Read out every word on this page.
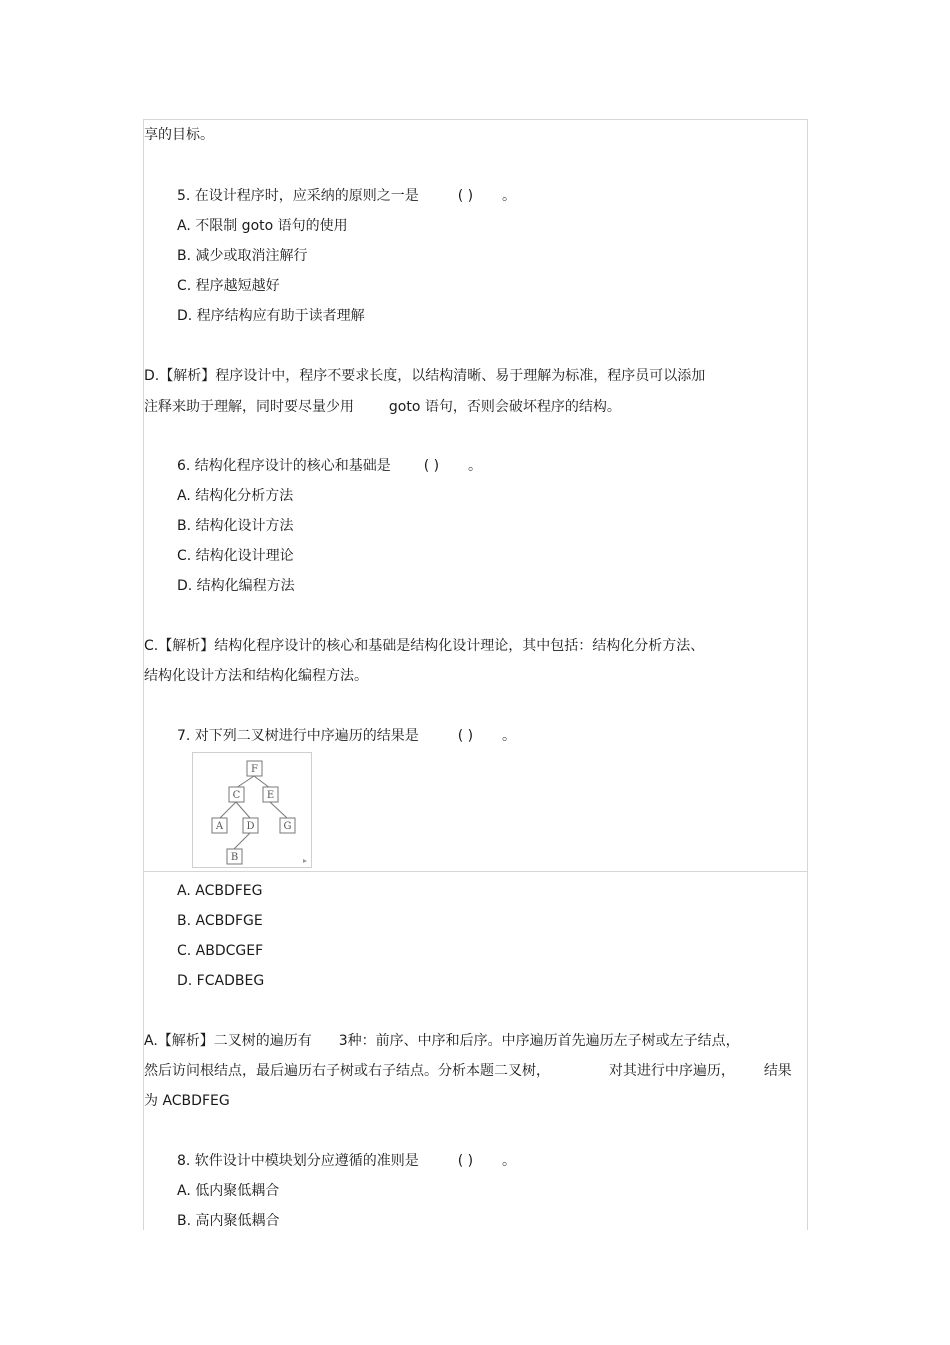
享的目标。
5. 在设计程序时，应采纳的原则之一是	( ) 。
A. 不限制 goto 语句的使用
B. 减少或取消注解行
C. 程序越短越好
D. 程序结构应有助于读者理解
D.【解析】程序设计中，程序不要求长度，以结构清晰、易于理解为标准，程序员可以添加
注释来助于理解，同时要尽量少用 goto 语句，否则会破坏程序的结构。
6. 结构化程序设计的核心和基础是 ( ) 。
A. 结构化分析方法
B. 结构化设计方法
C. 结构化设计理论
D. 结构化编程方法
C.【解析】结构化程序设计的核心和基础是结构化设计理论，其中包括：结构化分析方法、
结构化设计方法和结构化编程方法。
7. 对下列二叉树进行中序遍历的结果是	( ) 。
F
C	E
A D	G
B
A. ACBDFEG
B. ACBDFGE
C. ABDCGEF
D. FCADBEG
A.【解析】二叉树的遍历有 3种：前序、中序和后序。中序遍历首先遍历左子树或左子结点，
然后访问根结点，最后遍历右子树或右子结点。分析本题二叉树，	对其进行中序遍历， 结果
为 ACBDFEG
8. 软件设计中模块划分应遵循的准则是	( ) 。
A. 低内聚低耦合
B. 高内聚低耦合
